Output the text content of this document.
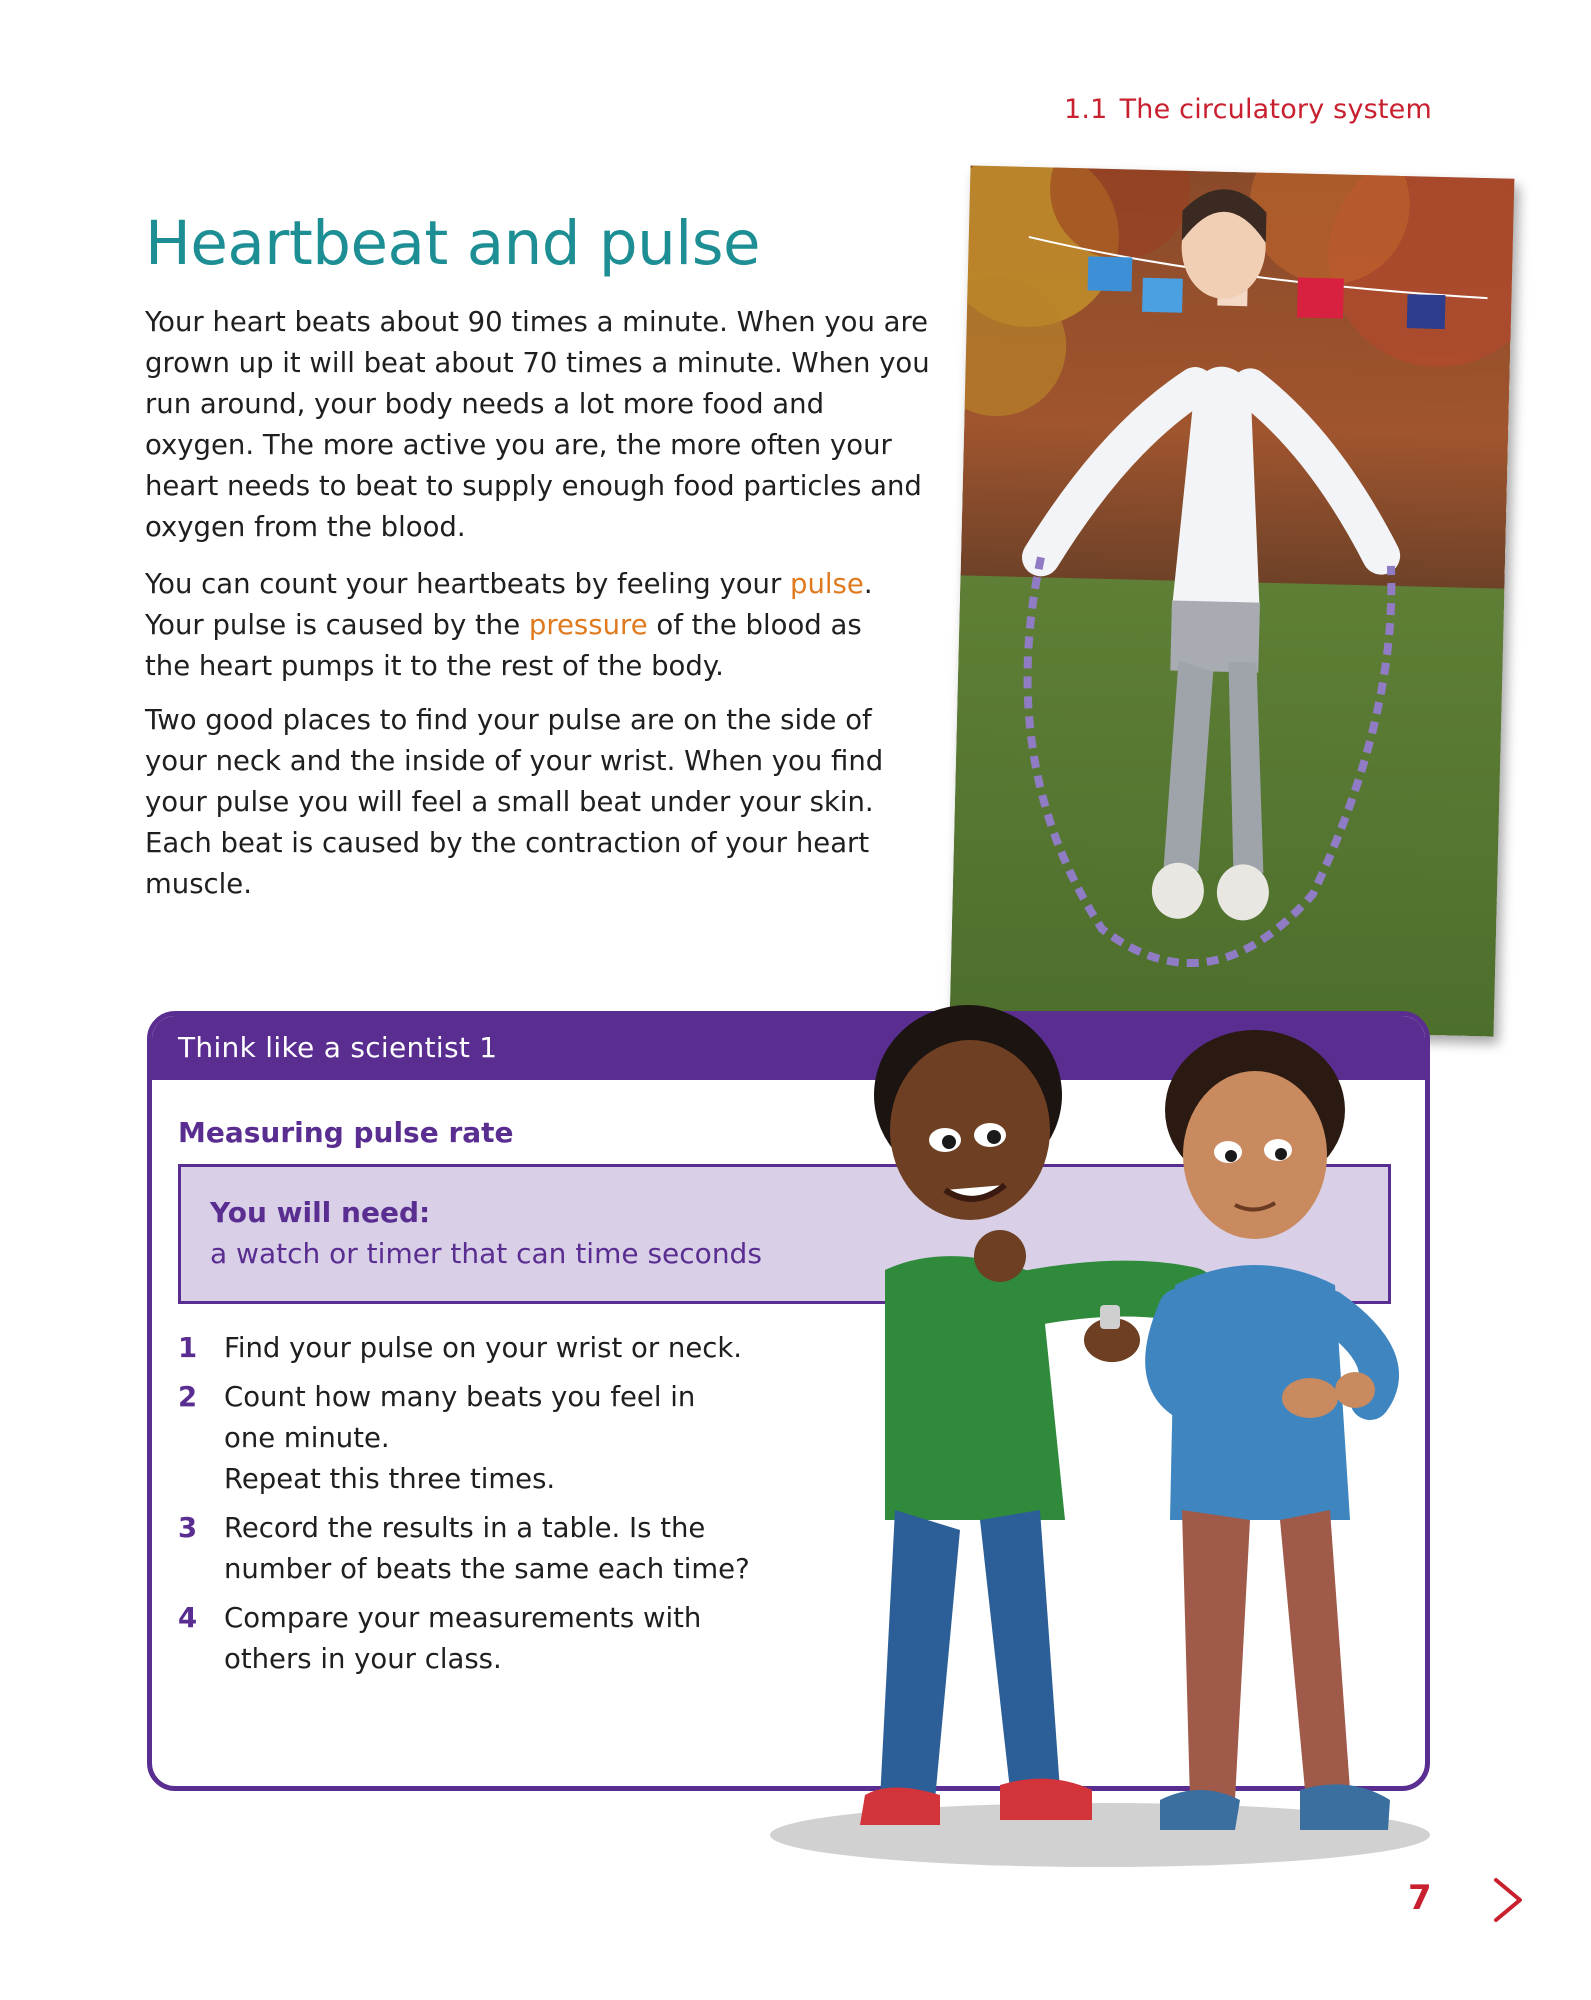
1.1 The circulatory system
Heartbeat and pulse

Your heart beats about 90 times a minute. When you are grown up it will beat about 70 times a minute. When you run around, your body needs a lot more food and oxygen. The more active you are, the more often your heart needs to beat to supply enough food particles and oxygen from the blood.

You can count your heartbeats by feeling your pulse. Your pulse is caused by the pressure of the blood as the heart pumps it to the rest of the body.

Two good places to find your pulse are on the side of your neck and the inside of your wrist. When you find your pulse you will feel a small beat under your skin. Each beat is caused by the contraction of your heart muscle.

Think like a scientist 1
Measuring pulse rate
You will need:
a watch or timer that can time seconds
1 Find your pulse on your wrist or neck.
2 Count how many beats you feel in one minute.
Repeat this three times.
3 Record the results in a table. Is the number of beats the same each time?
4 Compare your measurements with others in your class.
7
